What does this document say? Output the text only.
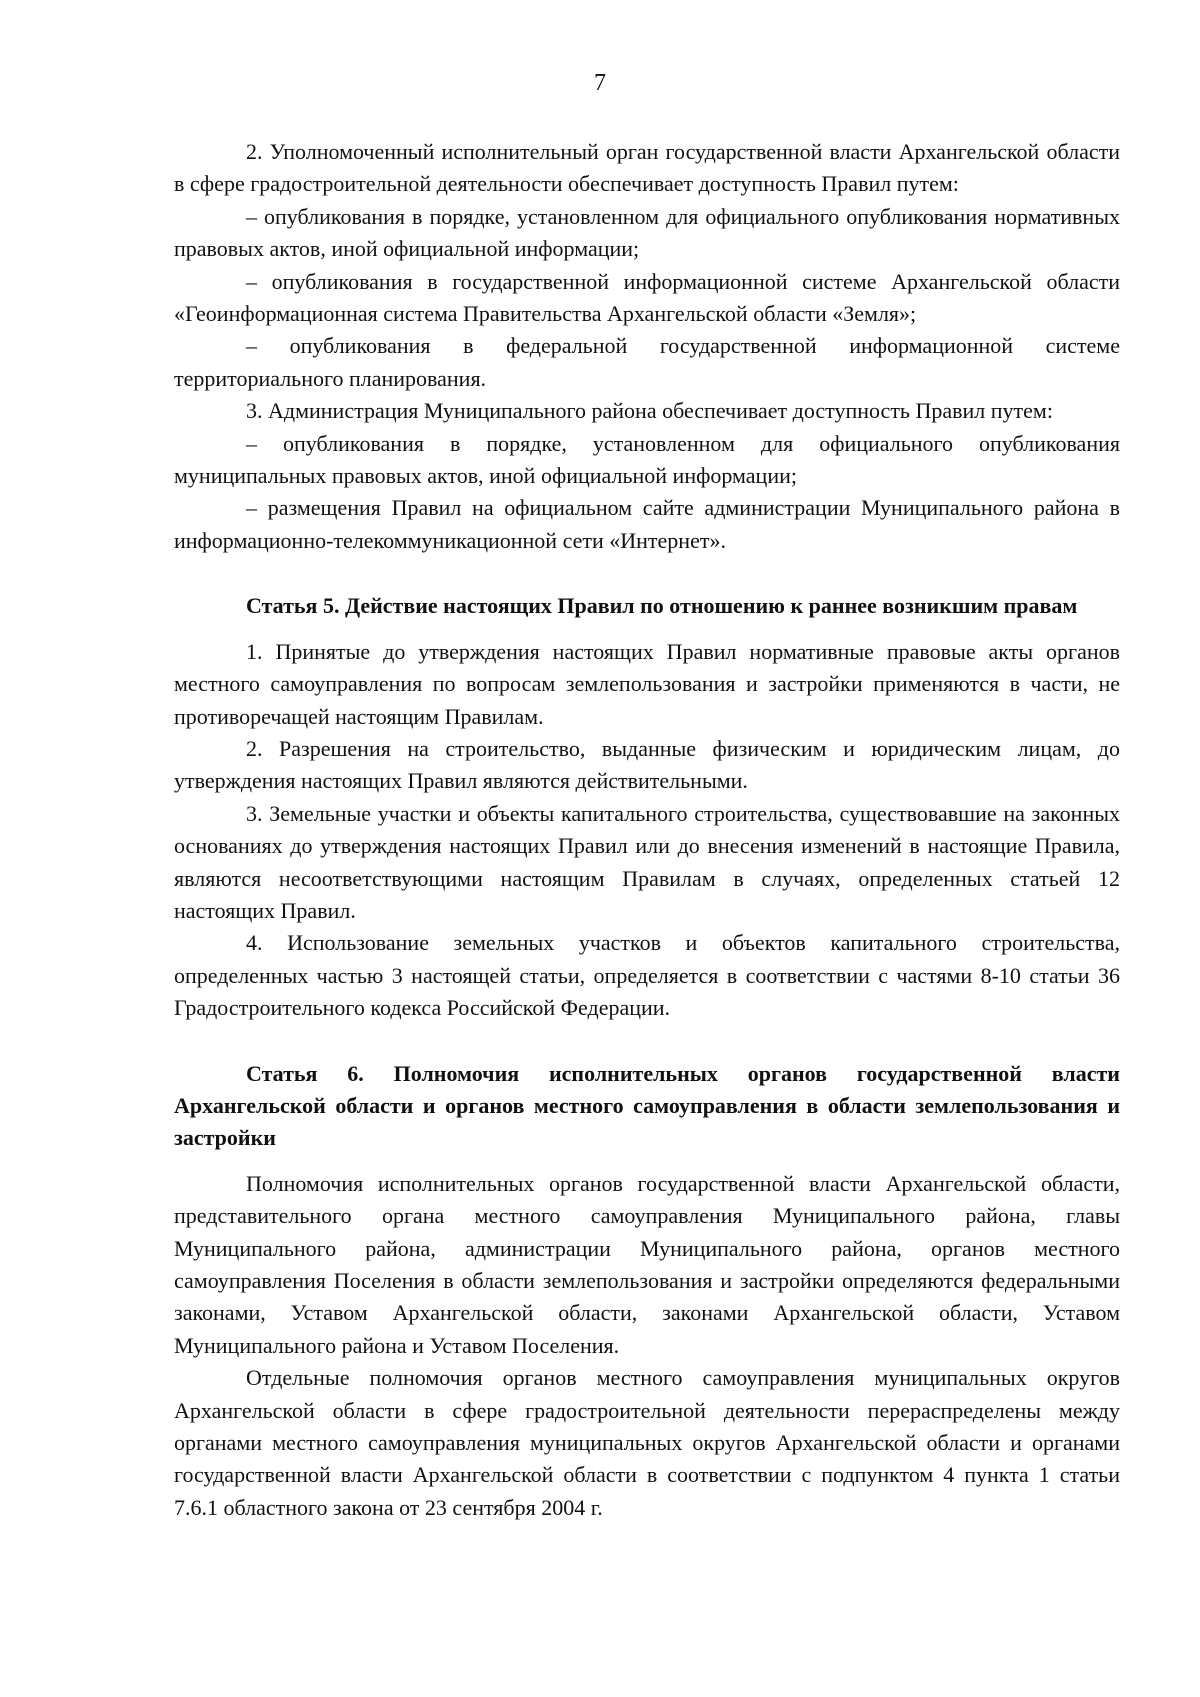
7

2. Уполномоченный исполнительный орган государственной власти Архангельской области в сфере градостроительной деятельности обеспечивает доступность Правил путем:

– опубликования в порядке, установленном для официального опубликования нормативных правовых актов, иной официальной информации;

– опубликования в государственной информационной системе Архангельской области «Геоинформационная система Правительства Архангельской области «Земля»;

– опубликования в федеральной государственной информационной системе территориального планирования.

3. Администрация Муниципального района обеспечивает доступность Правил путем:

– опубликования в порядке, установленном для официального опубликования муниципальных правовых актов, иной официальной информации;

– размещения Правил на официальном сайте администрации Муниципального района в информационно-телекоммуникационной сети «Интернет».

Статья 5. Действие настоящих Правил по отношению к раннее возникшим правам

1. Принятые до утверждения настоящих Правил нормативные правовые акты органов местного самоуправления по вопросам землепользования и застройки применяются в части, не противоречащей настоящим Правилам.

2. Разрешения на строительство, выданные физическим и юридическим лицам, до утверждения настоящих Правил являются действительными.

3. Земельные участки и объекты капитального строительства, существовавшие на законных основаниях до утверждения настоящих Правил или до внесения изменений в настоящие Правила, являются несоответствующими настоящим Правилам в случаях, определенных статьей 12 настоящих Правил.

4. Использование земельных участков и объектов капитального строительства, определенных частью 3 настоящей статьи, определяется в соответствии с частями 8-10 статьи 36 Градостроительного кодекса Российской Федерации.

Статья 6. Полномочия исполнительных органов государственной власти Архангельской области и органов местного самоуправления в области землепользования и застройки

Полномочия исполнительных органов государственной власти Архангельской области, представительного органа местного самоуправления Муниципального района, главы Муниципального района, администрации Муниципального района, органов местного самоуправления Поселения в области землепользования и застройки определяются федеральными законами, Уставом Архангельской области, законами Архангельской области, Уставом Муниципального района и Уставом Поселения.

Отдельные полномочия органов местного самоуправления муниципальных округов Архангельской области в сфере градостроительной деятельности перераспределены между органами местного самоуправления муниципальных округов Архангельской области и органами государственной власти Архангельской области в соответствии с подпунктом 4 пункта 1 статьи 7.6.1 областного закона от 23 сентября 2004 г.
